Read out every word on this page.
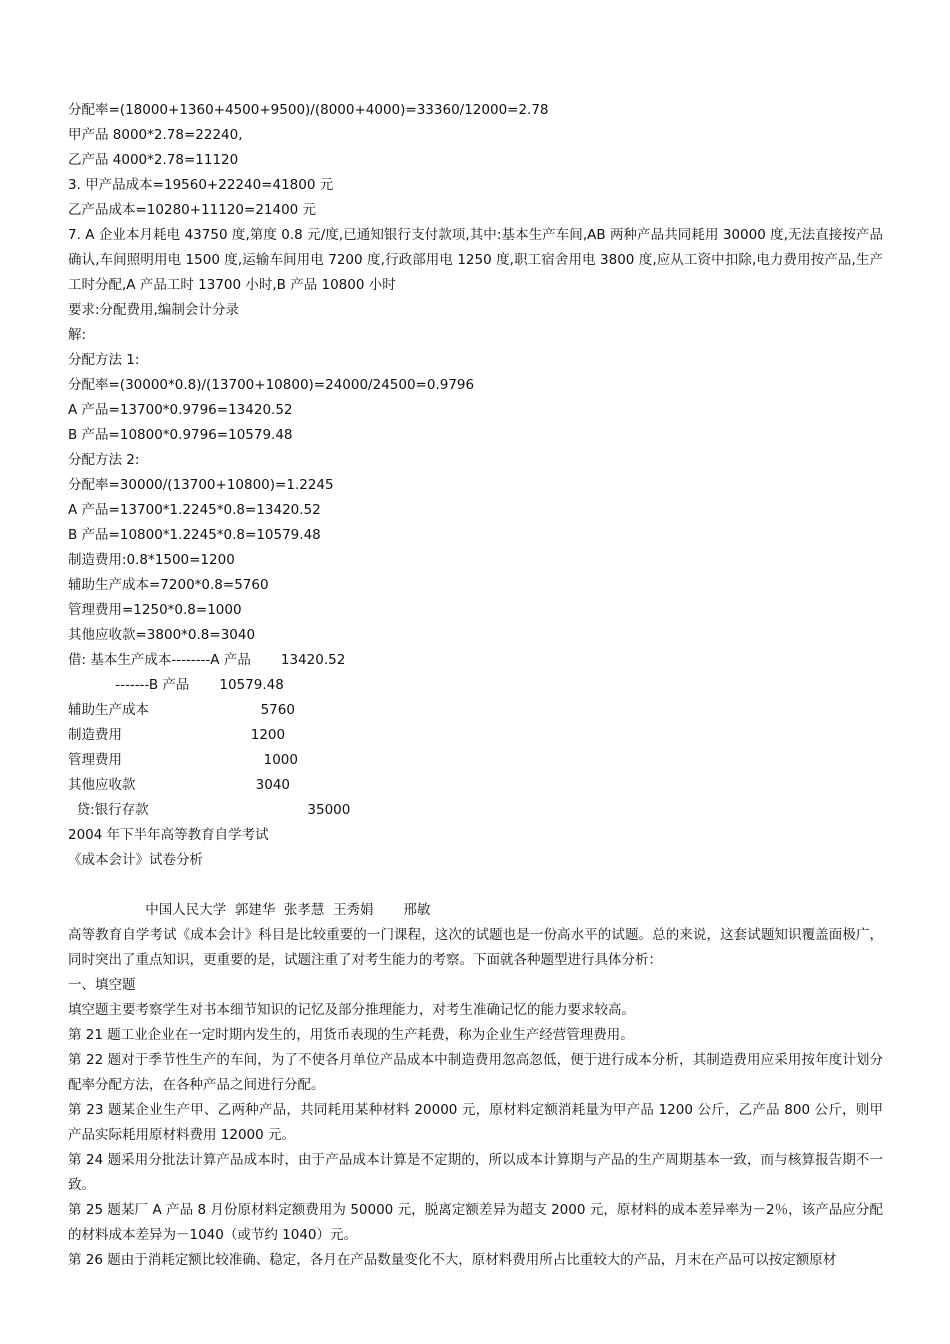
分配率=(18000+1360+4500+9500)/(8000+4000)=33360/12000=2.78
甲产品 8000*2.78=22240,
乙产品 4000*2.78=11120
3. 甲产品成本=19560+22240=41800 元
乙产品成本=10280+11120=21400 元
7. A 企业本月耗电 43750 度,第度 0.8 元/度,已通知银行支付款项,其中:基本生产车间,AB 两种产品共同耗用 30000 度,无法直接按产品确认,车间照明用电 1500 度,运输车间用电 7200 度,行政部用电 1250 度,职工宿舍用电 3800 度,应从工资中扣除,电力费用按产品,生产工时分配,A 产品工时 13700 小时,B 产品 10800 小时
要求:分配费用,编制会计分录
解:
分配方法 1:
分配率=(30000*0.8)/(13700+10800)=24000/24500=0.9796
A 产品=13700*0.9796=13420.52
B 产品=10800*0.9796=10579.48
分配方法 2:
分配率=30000/(13700+10800)=1.2245
A 产品=13700*1.2245*0.8=13420.52
B 产品=10800*1.2245*0.8=10579.48
制造费用:0.8*1500=1200
辅助生产成本=7200*0.8=5760
管理费用=1250*0.8=1000
其他应收款=3800*0.8=3040
借: 基本生产成本--------A 产品       13420.52
-------B 产品       10579.48
辅助生产成本                          5760
制造费用                              1200
管理费用                                 1000
其他应收款                            3040
贷:银行存款                                     35000
2004 年下半年高等教育自学考试
《成本会计》试卷分析
中国人民大学  郭建华  张孝慧  王秀娟       邢敏
高等教育自学考试《成本会计》科目是比较重要的一门课程，这次的试题也是一份高水平的试题。总的来说，这套试题知识覆盖面极广，同时突出了重点知识，更重要的是，试题注重了对考生能力的考察。下面就各种题型进行具体分析：
一、填空题
填空题主要考察学生对书本细节知识的记忆及部分推理能力，对考生准确记忆的能力要求较高。
第 21 题工业企业在一定时期内发生的，用货币表现的生产耗费，称为企业生产经营管理费用。
第 22 题对于季节性生产的车间，为了不使各月单位产品成本中制造费用忽高忽低，便于进行成本分析，其制造费用应采用按年度计划分配率分配方法，在各种产品之间进行分配。
第 23 题某企业生产甲、乙两种产品，共同耗用某种材料 20000 元，原材料定额消耗量为甲产品 1200 公斤，乙产品 800 公斤，则甲产品实际耗用原材料费用 12000 元。
第 24 题采用分批法计算产品成本时，由于产品成本计算是不定期的，所以成本计算期与产品的生产周期基本一致，而与核算报告期不一致。
第 25 题某厂 A 产品 8 月份原材料定额费用为 50000 元，脱离定额差异为超支 2000 元，原材料的成本差异率为－2％，该产品应分配的材料成本差异为－1040（或节约 1040）元。
第 26 题由于消耗定额比较准确、稳定，各月在产品数量变化不大，原材料费用所占比重较大的产品，月末在产品可以按定额原材
